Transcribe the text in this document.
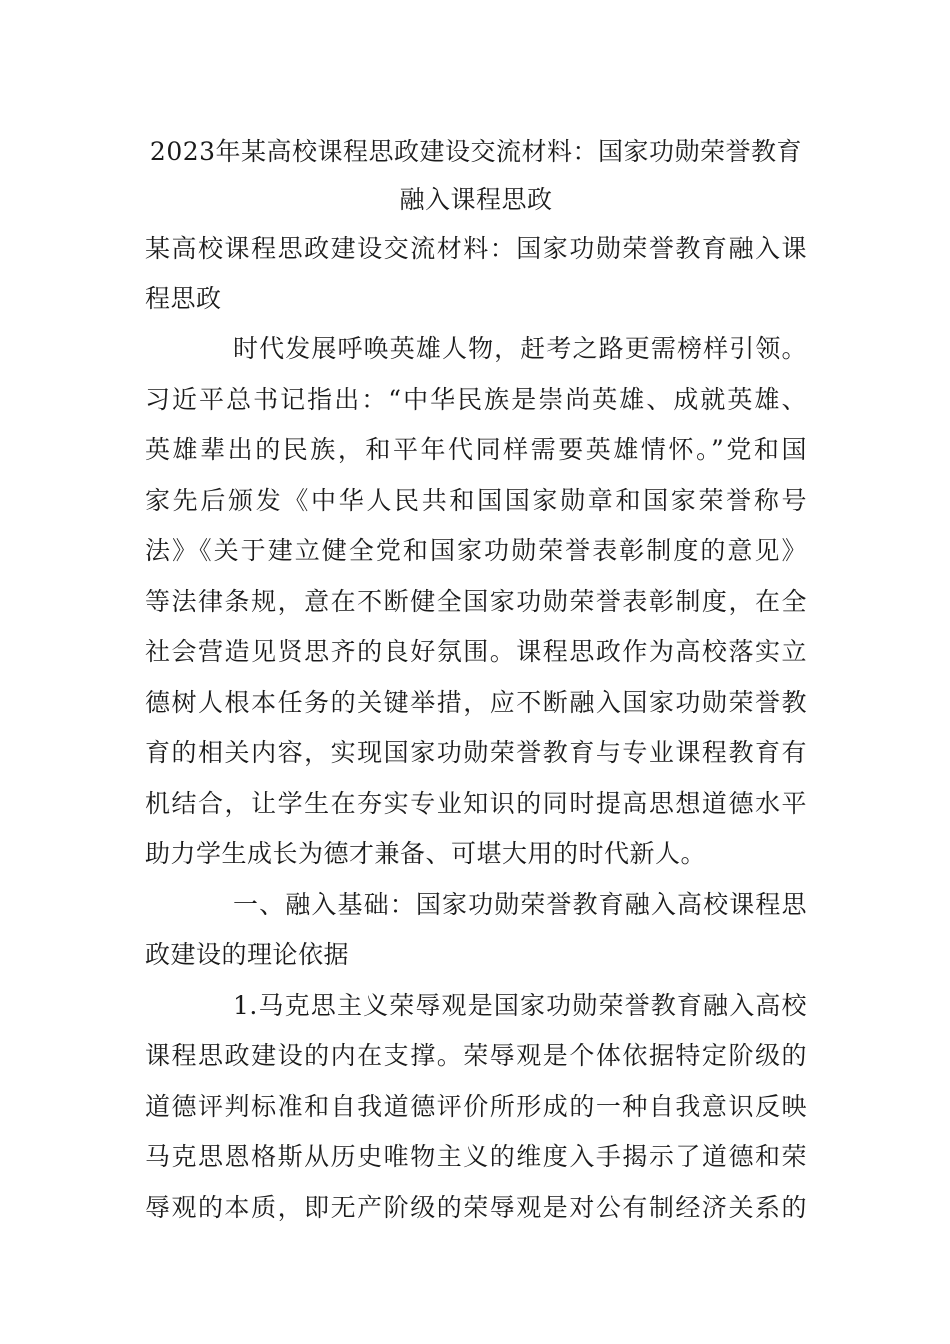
2023年某高校课程思政建设交流材料：国家功勋荣誉教育
融入课程思政
某高校课程思政建设交流材料：国家功勋荣誉教育融入课
程思政
时代发展呼唤英雄人物，赶考之路更需榜样引领。
习近平总书记指出：“中华民族是崇尚英雄、成就英雄、
英雄辈出的民族，和平年代同样需要英雄情怀。”党和国
家先后颁发《中华人民共和国国家勋章和国家荣誉称号
法》《关于建立健全党和国家功勋荣誉表彰制度的意见》
等法律条规，意在不断健全国家功勋荣誉表彰制度，在全
社会营造见贤思齐的良好氛围。课程思政作为高校落实立
德树人根本任务的关键举措，应不断融入国家功勋荣誉教
育的相关内容，实现国家功勋荣誉教育与专业课程教育有
机结合，让学生在夯实专业知识的同时提高思想道德水平
助力学生成长为德才兼备、可堪大用的时代新人。
一、融入基础：国家功勋荣誉教育融入高校课程思
政建设的理论依据
1.马克思主义荣辱观是国家功勋荣誉教育融入高校
课程思政建设的内在支撑。荣辱观是个体依据特定阶级的
道德评判标准和自我道德评价所形成的一种自我意识反映
马克思恩格斯从历史唯物主义的维度入手揭示了道德和荣
辱观的本质，即无产阶级的荣辱观是对公有制经济关系的
